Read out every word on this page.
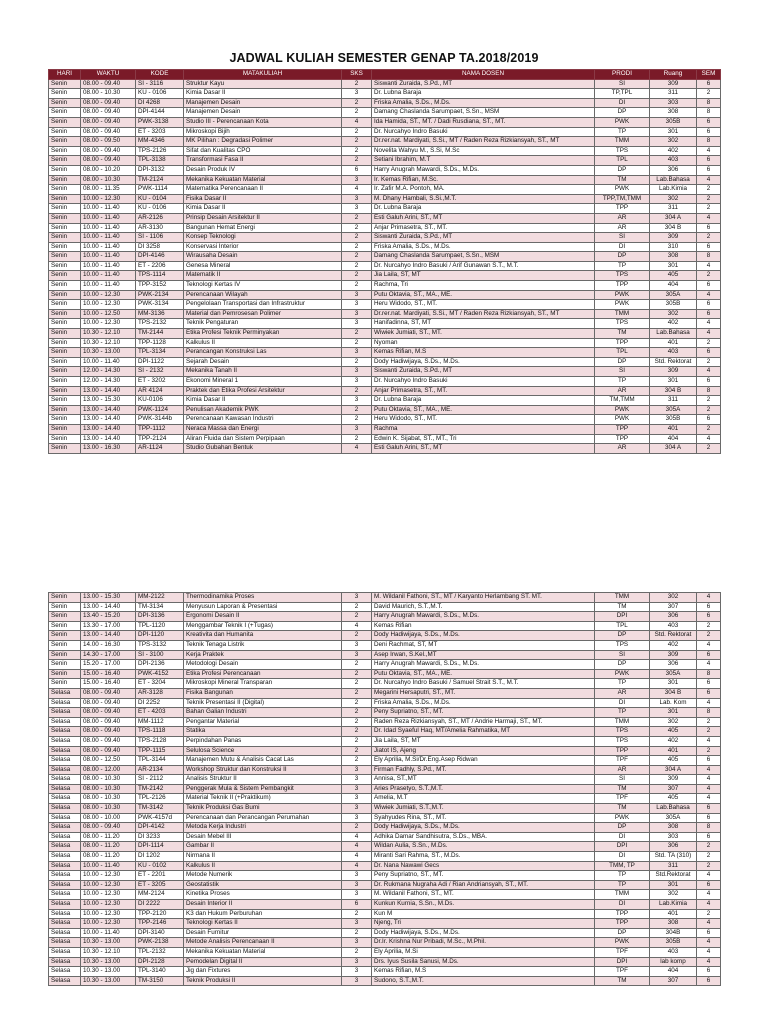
JADWAL KULIAH SEMESTER GENAP TA.2018/2019
HARI	WAKTU	KODE	MATAKULIAH	SKS	NAMA DOSEN	PRODI	Ruang	SEM
Senin	08.00 - 09.40	SI - 3116	Struktur Kayu	2	Siswanti Zuraida, S.Pd., MT	SI	309	6
Senin	08.00 - 10.30	KU - 0106	Kimia Dasar II	3	Dr. Lubna Baraja	TP,TPL	311	2
Senin	08.00 - 09.40	DI 4268	Manajemen Desain	2	Friska Amalia, S.Ds., M.Ds.	DI	303	8
Senin	08.00 - 09.40	DPI-4144	Manajemen Desain	2	Damang Chaslanda Sarumpaet, S.Sn., MSM	DP	308	8
Senin	08.00 - 09.40	PWK-3138	Studio III - Perencanaan Kota	4	Ida Hamida, ST., MT. / Dadi Rusdiana, ST., MT.	PWK	305B	6
Senin	08.00 - 09.40	ET - 3203	Mikroskopi Bijih	2	Dr. Nurcahyo Indro Basuki	TP	301	6
Senin	08.00 - 09.50	MM-4346	MK Pilihan : Degradasi Polimer	2	Dr.rer.nat. Mardiyati, S.Si., MT / Raden Reza Rizkiansyah, ST., MT	TMM	302	8
Senin	08.00 - 09.40	TPS-2126	Sifat dan Kualitas CPO	2	Novelita Wahyu M., S.Si, M.Sc	TPS	402	4
Senin	08.00 - 09.40	TPL-3138	Transformasi Fasa II	2	Setiani Ibrahim, M.T	TPL	403	6
Senin	08.00 - 10.20	DPI-3132	Desain Produk IV	6	Harry Anugrah Mawardi, S.Ds., M.Ds.	DP	306	6
Senin	08.00 - 10.30	TM-2124	Mekanika Kekuatan Material	3	Ir. Kemas Rifian, M.Sc.	TM	Lab.Bahasa	4
Senin	08.00 - 11.35	PWK-1114	Matematika Perencanaan II	4	Ir. Zafir M.A. Pontoh, MA.	PWK	Lab.Kimia	2
Senin	10.00 - 12.30	KU - 0104	Fisika Dasar II	3	M. Dhany Hambali, S.Si.,M.T.	TPP,TM,TMM	302	2
Senin	10.00 - 11.40	KU - 0106	Kimia Dasar II	3	Dr. Lubna Baraja	TPP	311	2
Senin	10.00 - 11.40	AR-2126	Prinsip Desain Arsitektur II	2	Esti Galuh Arini, ST., MT	AR	304 A	4
Senin	10.00 - 11.40	AR-3130	Bangunan Hemat Energi	2	Anjar Primasetra, ST., MT.	AR	304 B	6
Senin	10.00 - 11.40	SI - 1106	Konsep Teknologi	2	Siswanti Zuraida, S.Pd., MT	SI	309	2
Senin	10.00 - 11.40	DI 3258	Konservasi Interior	2	Friska Amalia, S.Ds., M.Ds.	DI	310	6
Senin	10.00 - 11.40	DPI-4146	Wirausaha Desain	2	Damang Chaslanda Sarumpaet, S.Sn., MSM	DP	308	8
Senin	10.00 - 11.40	ET - 2206	Genesa Mineral	2	Dr. Nurcahyo Indro Basuki / Arif Gunawan S.T., M.T.	TP	301	4
Senin	10.00 - 11.40	TPS-1114	Matematik II	2	Jia Laila, ST, MT	TPS	405	2
Senin	10.00 - 11.40	TPP-3152	Teknologi Kertas IV	2	Rachma, Tri	TPP	404	6
Senin	10.00 - 12.30	PWK-2134	Perencanaan Wilayah	3	Putu Oktavia, ST., MA., ME.	PWK	305A	4
Senin	10.00 - 12.30	PWK-3134	Pengelolaan Transportasi dan Infrastruktur	3	Heru Widodo, ST., MT.	PWK	305B	6
Senin	10.00 - 12.50	MM-3136	Material dan Pemrosesan Polimer	3	Dr.rer.nat. Mardiyati, S.Si., MT / Raden Reza Rizkiansyah, ST., MT	TMM	302	6
Senin	10.00 - 12.30	TPS-2132	Teknik Pengaturan	3	Hanifadinna, ST, MT	TPS	402	4
Senin	10.30 - 12.10	TM-2144	Etika Profesi Teknik Perminyakan	2	Wiwiek Jumiati, ST., MT.	TM	Lab.Bahasa	4
Senin	10.30 - 12.10	TPP-1128	Kalkulus II	2	Nyoman	TPP	401	2
Senin	10.30 - 13.00	TPL-3134	Perancangan Konstruksi Las	3	Kemas Rifian, M.S	TPL	403	6
Senin	10.00 - 11.40	DPI-1122	Sejarah Desain	2	Dody Hadiwijaya, S.Ds., M.Ds.	DP	Std. Rektorat	2
Senin	12.00 - 14.30	SI - 2132	Mekanika Tanah II	3	Siswanti Zuraida, S.Pd., MT	SI	309	4
Senin	12.00 - 14.30	ET - 3202	Ekonomi Mineral 1	3	Dr. Nurcahyo Indro Basuki	TP	301	6
Senin	13.00 - 14.40	AR 4124	Praktek dan Etika Profesi Arsitektur	2	Anjar Primasetra, ST., MT.	AR	304 B	8
Senin	13.00 - 15.30	KU-0106	Kimia Dasar II	3	Dr. Lubna Baraja	TM,TMM	311	2
Senin	13.00 - 14.40	PWK-1124	Penulisan Akademik PWK	2	Putu Oktavia, ST., MA., ME.	PWK	305A	2
Senin	13.00 - 14.40	PWK-3144b	Perencanaan Kawasan Industri	2	Heru Widodo, ST., MT.	PWK	305B	6
Senin	13.00 - 14.40	TPP-1112	Neraca Massa dan Energi	3	Rachma	TPP	401	2
Senin	13.00 - 14.40	TPP-2124	Aliran Fluida dan Sistem Perpipaan	2	Edwin K. Sijabat, ST., MT., Tri	TPP	404	4
Senin	13.00 - 16.30	AR-1124	Studio Gubahan Bentuk	4	Esti Galuh Arini, ST., MT	AR	304 A	2
Senin	13.00 - 15.30	MM-2122	Thermodinamika Proses	3	M. Wildanil Fathoni, ST., MT / Karyanto Herlambang ST. MT.	TMM	302	4
Senin	13.00 - 14.40	TM-3134	Menyusun Laporan & Presentasi	2	David Maurich, S.T.,M.T.	TM	307	6
Senin	13.40 - 15.20	DPI-3136	Ergonomi Desain II	2	Harry Anugrah Mawardi, S.Ds., M.Ds.	DPI	306	6
Senin	13.30 - 17.00	TPL-1120	Menggambar Teknik I (+Tugas)	4	Kemas Rifian	TPL	403	2
Senin	13.00 - 14.40	DPI-1120	Kreativita dan Humanita	2	Dody Hadiwijaya, S.Ds., M.Ds.	DP	Std. Rektorat	2
Senin	14.00 - 16.30	TPS-3132	Teknik Tenaga Listrik	3	Deni Rachmat, ST, MT	TPS	402	4
Senin	14.30 - 17.00	SI - 3100	Kerja Praktek	3	Asep Irwan, S.Kel.,MT	SI	309	6
Senin	15.20 - 17.00	DPI-2136	Metodologi Desain	2	Harry Anugrah Mawardi, S.Ds., M.Ds.	DP	306	4
Senin	15.00 - 16.40	PWK-4152	Etika Profesi Perencanaan	2	Putu Oktavia, ST., MA., ME.	PWK	305A	8
Senin	15.00 - 16.40	ET - 3204	Mikroskopi Mineral Transparan	2	Dr. Nurcahyo Indro Basuki / Samuel Strait S.T., M.T.	TP	301	6
Selasa	08.00 - 09.40	AR-3128	Fisika Bangunan	2	Megarini Hersaputri, ST., MT.	AR	304 B	6
Selasa	08.00 - 09.40	DI 2252	Teknik Presentasi II (Digital)	2	Friska Amalia, S.Ds., M.Ds.	DI	Lab. Kom	4
Selasa	08.00 - 09.40	ET - 4203	Bahan Galian Industri	2	Peny Supriatno, ST., MT.	TP	301	8
Selasa	08.00 - 09.40	MM-1112	Pengantar Material	2	Raden Reza Rizkiansyah, ST., MT / Andrie Harmaji, ST., MT.	TMM	302	2
Selasa	08.00 - 09.40	TPS-1118	Statika	2	Dr. Idad Syaeful Haq, MT/Amelia Rahmatika, MT	TPS	405	2
Selasa	08.00 - 09.40	TPS-2128	Perpindahan Panas	2	Jia Laila, ST, MT	TPS	402	4
Selasa	08.00 - 09.40	TPP-1115	Selulosa Science	2	Jiatot IS, Ajeng	TPP	401	2
Selasa	08.00 - 12.50	TPL-3144	Manajemen Mutu & Analisis Cacat Las	2	Ely Aprilia, M.Si/Dr.Eng.Asep Ridwan	TPF	405	6
Selasa	08.00 - 12.00	AR-2134	Workshop Struktur dan Konstruksi II	3	Firman Fadhly, S.Pd., MT.	AR	304 A	4
Selasa	08.00 - 10.30	SI - 2112	Analisis Struktur II	3	Annisa, ST.,MT	SI	309	4
Selasa	08.00 - 10.30	TM-2142	Penggerak Mula & Sistem Pembangkit	3	Aries Prasetyo, S.T.,M.T.	TM	307	4
Selasa	08.00 - 10.30	TPL-2126	Material Teknik II (+Praktikum)	3	Amelia, M.T	TPF	405	4
Selasa	08.00 - 10.30	TM-3142	Teknik Produksi Gas Bumi	3	Wiwiek Jumiati, S.T.,M.T.	TM	Lab.Bahasa	6
Selasa	08.00 - 10.00	PWK-4157d	Perencanaan dan Perancangan Perumahan	3	Syahyudes Rina, ST., MT.	PWK	305A	6
Selasa	08.00 - 09.40	DPI-4142	Metoda Kerja Industri	2	Dody Hadiwijaya, S.Ds., M.Ds.	DP	308	8
Selasa	08.00 - 11.20	DI 3233	Desain Mebel III	4	Adhika Damar Sandhisutra, S.Ds., MBA.	DI	303	6
Selasa	08.00 - 11.20	DPI-1114	Gambar II	4	Wildan Aulia, S.Sn., M.Ds.	DPI	306	2
Selasa	08.00 - 11.20	DI 1202	Nirmana II	4	Miranti Sari Rahma, ST., M.Ds.	DI	Std. TA (310)	2
Selasa	10.00 - 11.40	KU - 0102	Kalkulus II	4	Dr. Nana Nawawi Gecs	TMM, TP	311	2
Selasa	10.00 - 12.30	ET - 2201	Metode Numerik	3	Peny Supriatno, ST., MT.	TP	Std.Rektorat	4
Selasa	10.00 - 12.30	ET - 3205	Geostatistik	3	Dr. Rukmana Nugraha Adi / Rian Andriansyah, ST., MT.	TP	301	6
Selasa	10.00 - 12.30	MM-2124	Kinetika Proses	3	M. Wildanil Fathoni, ST., MT.	TMM	302	4
Selasa	10.00 - 12.30	DI 2222	Desain Interior II	6	Kunkun Kurnia, S.Sn., M.Ds.	DI	Lab.Kimia	4
Selasa	10.00 - 12.30	TPP-2120	K3 dan Hukum Perburuhan	2	Kun M	TPP	401	2
Selasa	10.00 - 12.30	TPP-2146	Teknologi Kertas II	3	Njeng, Tri	TPP	308	4
Selasa	10.00 - 11.40	DPI-3140	Desain Furnitur	2	Dody Hadiwijaya, S.Ds., M.Ds.	DP	304B	6
Selasa	10.30 - 13.00	PWK-2138	Metode Analisis Perencanaan II	3	Dr.Ir. Krishna Nur Pribadi, M.Sc., M.Phil.	PWK	305B	4
Selasa	10.30 - 12.10	TPL-2132	Mekanika Kekuatan Material	2	Ely Aprilia, M.Si	TPF	403	4
Selasa	10.30 - 13.00	DPI-2128	Pemodelan Digital II	3	Drs. Iyus Susila Sanusi, M.Ds.	DPI	lab komp	4
Selasa	10.30 - 13.00	TPL-3140	Jig dan Fixtures	3	Kemas Rifian, M.S	TPF	404	6
Selasa	10.30 - 13.00	TM-3150	Teknik Produksi II	3	Sudono, S.T.,M.T.	TM	307	6
